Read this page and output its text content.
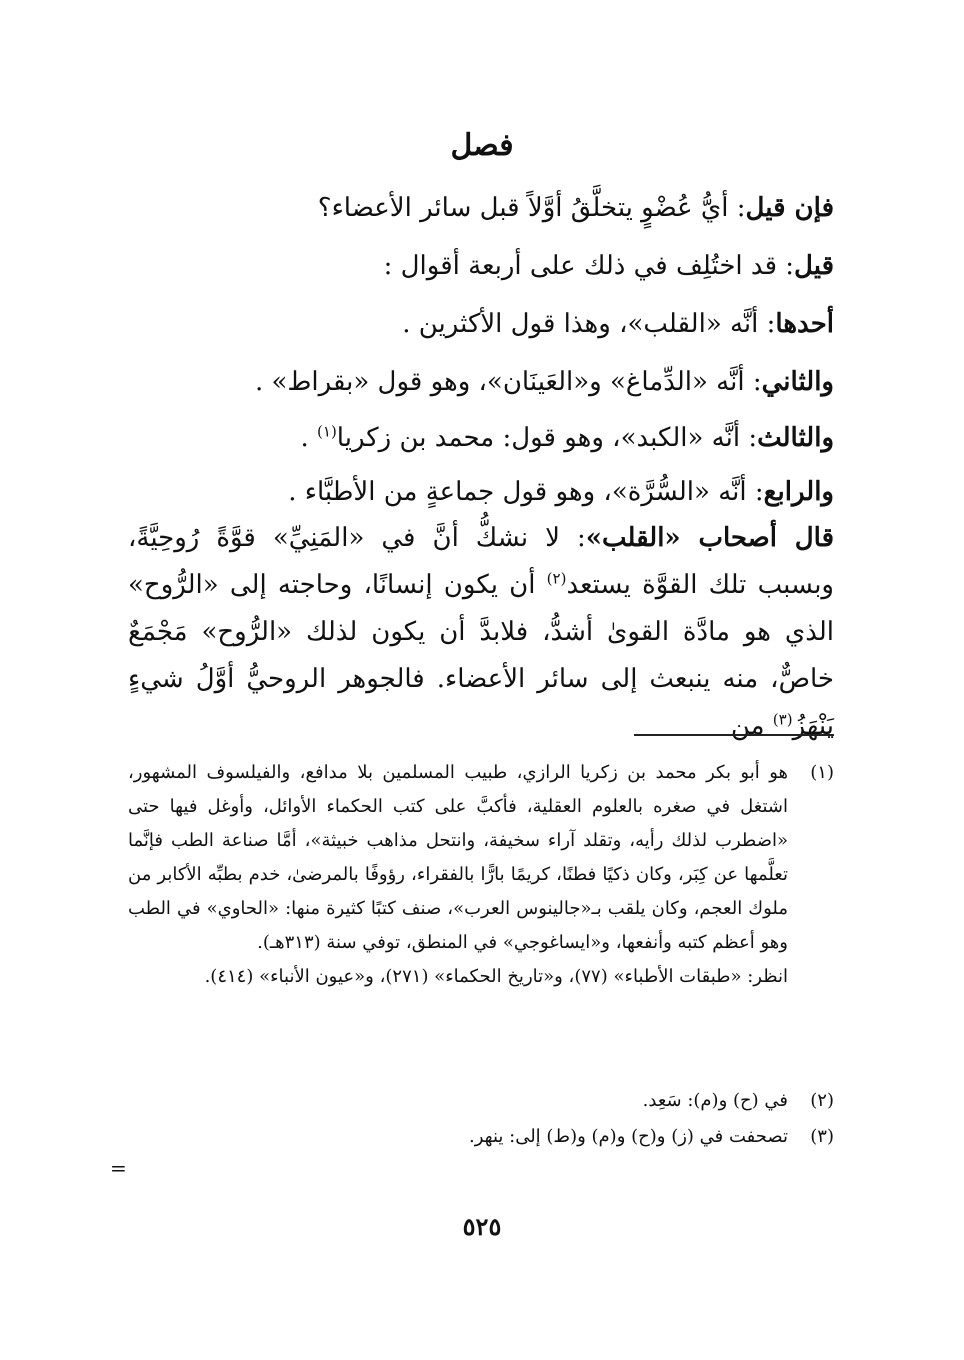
فصل
فإن قيل: أيُّ عُضْوٍ يتخلَّقُ أوَّلاً قبل سائر الأعضاء؟
قيل: قد اختُلِف في ذلك على أربعة أقوال :
أحدها: أنَّه «القلب»، وهذا قول الأكثرين .
والثاني: أنَّه «الدِّماغ» و«العَينَان»، وهو قول «بقراط» .
والثالث: أنَّه «الكبد»، وهو قول: محمد بن زكريا$^{(١)}$ .
والرابع: أنَّه «السُّرَّة»، وهو قول جماعةٍ من الأطبَّاء .
قال أصحاب «القلب»: لا نشكُّ أنَّ في «المَنِيِّ» قوَّةً رُوحِيَّةً، وبسبب تلك القوَّة يستعد$^{(٢)}$ أن يكون إنسانًا، وحاجته إلى «الرُّوح» الذي هو مادَّة القوىٰ أشدُّ، فلابدَّ أن يكون لذلك «الرُّوح» مَجْمَعٌ خاصٌّ، منه ينبعث إلى سائر الأعضاء. فالجوهر الروحيُّ أوَّلُ شيءٍ يَنْهَزُ$^{(٣)}$ من
(١)
هو أبو بكر محمد بن زكريا الرازي، طبيب المسلمين بلا مدافع، والفيلسوف المشهور، اشتغل في صغره بالعلوم العقلية، فأكبَّ على كتب الحكماء الأوائل، وأوغل فيها حتى «اضطرب لذلك رأيه، وتقلد آراء سخيفة، وانتحل مذاهب خبيثة»، أمَّا صناعة الطب فإنَّما تعلَّمها عن كِبَر، وكان ذكيًا فطنًا، كريمًا بارًّا بالفقراء، رؤوفًا بالمرضىٰ، خدم بطبِّه الأكابر من ملوك العجم، وكان يلقب بـ«جالينوس العرب»، صنف كتبًا كثيرة منها: «الحاوي» في الطب وهو أعظم كتبه وأنفعها، و«ايساغوجي» في المنطق، توفي سنة (٣١٣هـ).
انظر: «طبقات الأطباء» (٧٧)، و«تاريخ الحكماء» (٢٧١)، و«عيون الأنباء» (٤١٤).
(٢)
في (ح) و(م): سَعِد.
(٣)
تصحفت في (ز) و(ح) و(م) و(ط) إلى: ينهر.
=
٥٢٥
